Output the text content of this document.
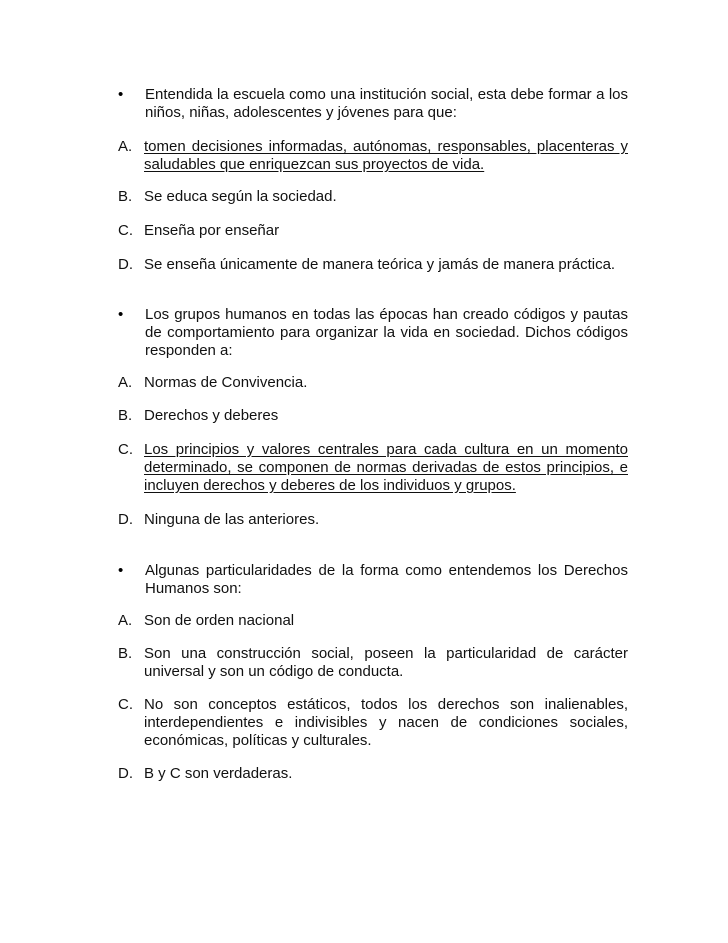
•	Entendida la escuela como una institución social, esta debe formar a los niños, niñas, adolescentes y jóvenes para que:
A. tomen decisiones informadas, autónomas, responsables, placenteras y saludables que enriquezcan sus proyectos de vida.
B. Se educa según la sociedad.
C. Enseña por enseñar
D. Se enseña únicamente de manera teórica y jamás de manera práctica.
•	Los grupos humanos en todas las épocas han creado códigos y pautas de comportamiento para organizar la vida en sociedad. Dichos códigos responden a:
A. Normas de Convivencia.
B. Derechos y deberes
C. Los principios y valores centrales para cada cultura en un momento determinado, se componen de normas derivadas de estos principios, e incluyen derechos y deberes de los individuos y grupos.
D. Ninguna de las anteriores.
•	Algunas particularidades de la forma como entendemos los Derechos Humanos son:
A. Son de orden nacional
B. Son una construcción social, poseen la particularidad de carácter universal y son un código de conducta.
C. No son conceptos estáticos, todos los derechos son inalienables, interdependientes e indivisibles y nacen de condiciones sociales, económicas, políticas y culturales.
D. B y C son verdaderas.
